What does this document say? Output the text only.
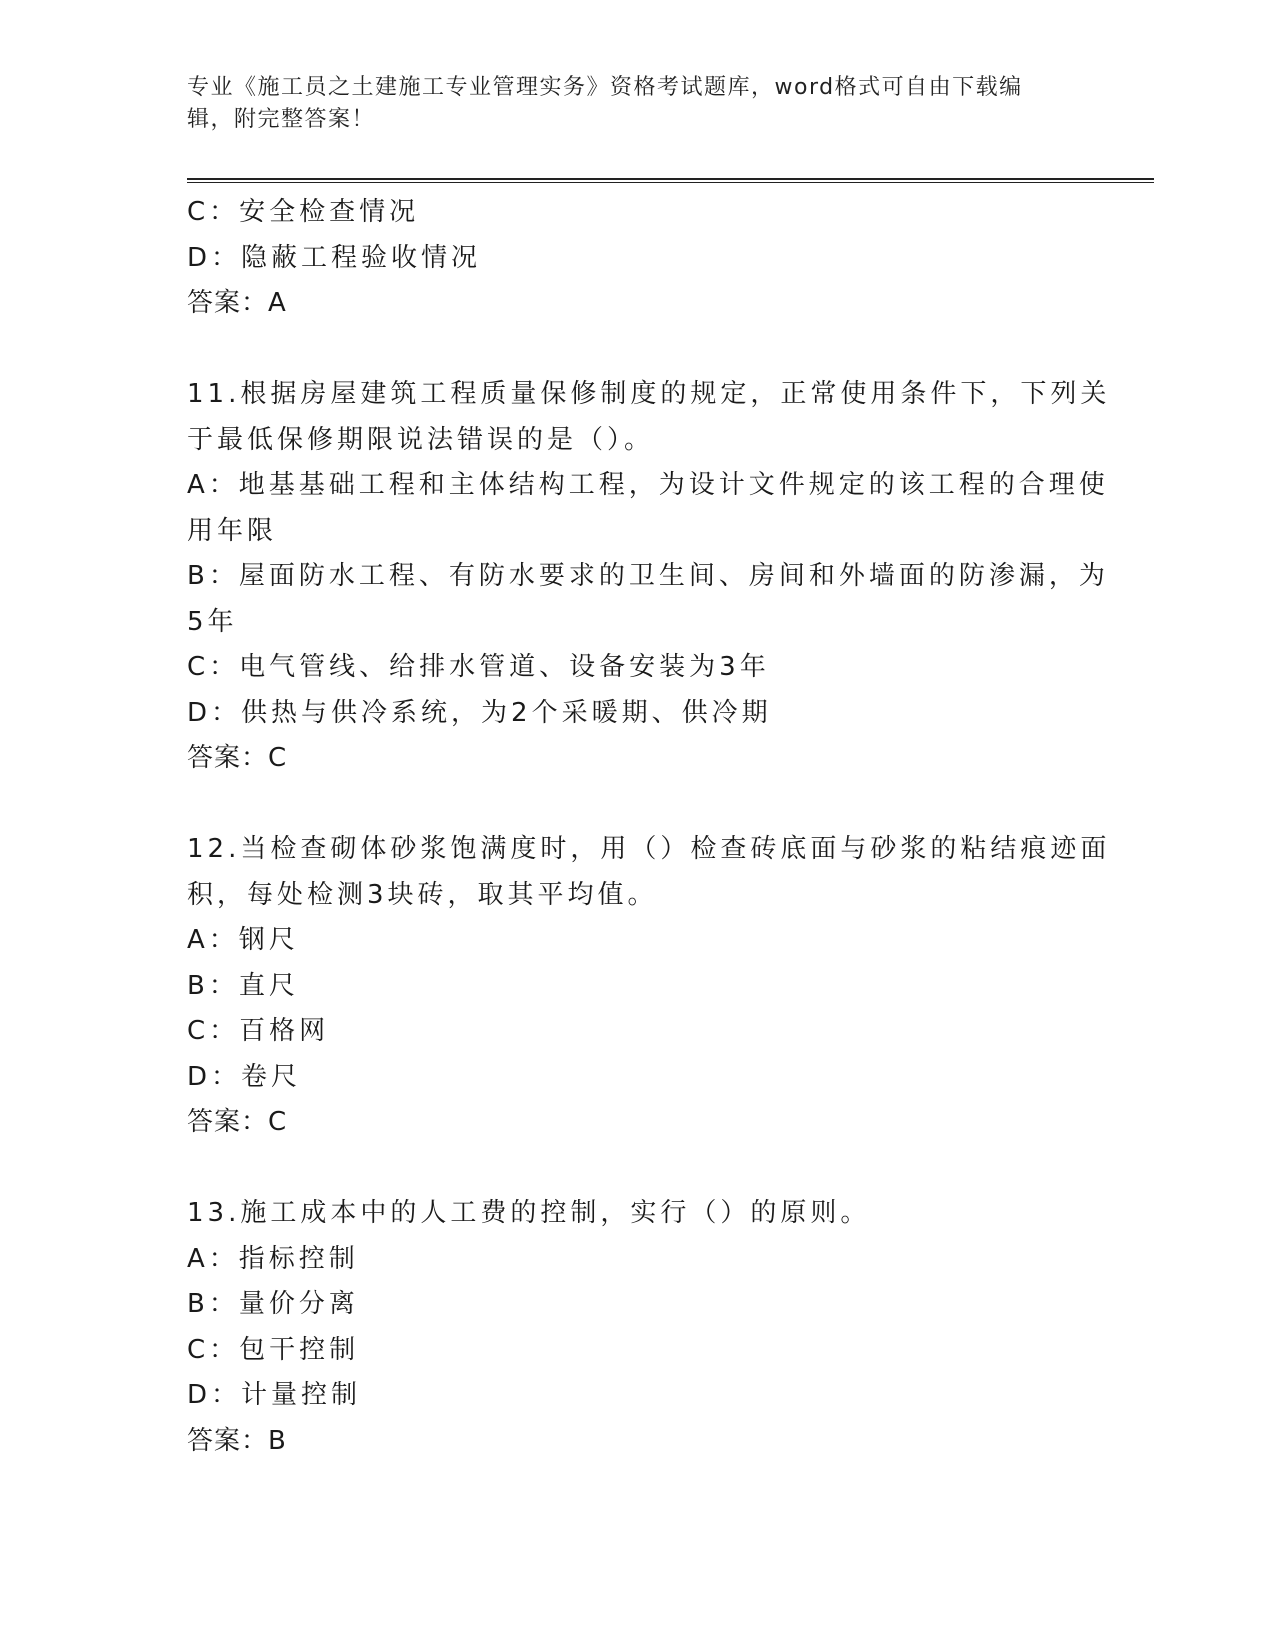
专业《施工员之土建施工专业管理实务》资格考试题库，word格式可自由下载编辑，附完整答案！

C：安全检查情况

D：隐蔽工程验收情况

答案：A

11.根据房屋建筑工程质量保修制度的规定，正常使用条件下，下列关

于最低保修期限说法错误的是（）。

A：地基基础工程和主体结构工程，为设计文件规定的该工程的合理使

用年限

B：屋面防水工程、有防水要求的卫生间、房间和外墙面的防渗漏，为

5年

C：电气管线、给排水管道、设备安装为3年

D：供热与供冷系统，为2个采暖期、供冷期

答案：C

12.当检查砌体砂浆饱满度时，用（）检查砖底面与砂浆的粘结痕迹面

积，每处检测3块砖，取其平均值。

A：钢尺

B：直尺

C：百格网

D：卷尺

答案：C

13.施工成本中的人工费的控制，实行（）的原则。

A：指标控制

B：量价分离

C：包干控制

D：计量控制

答案：B
